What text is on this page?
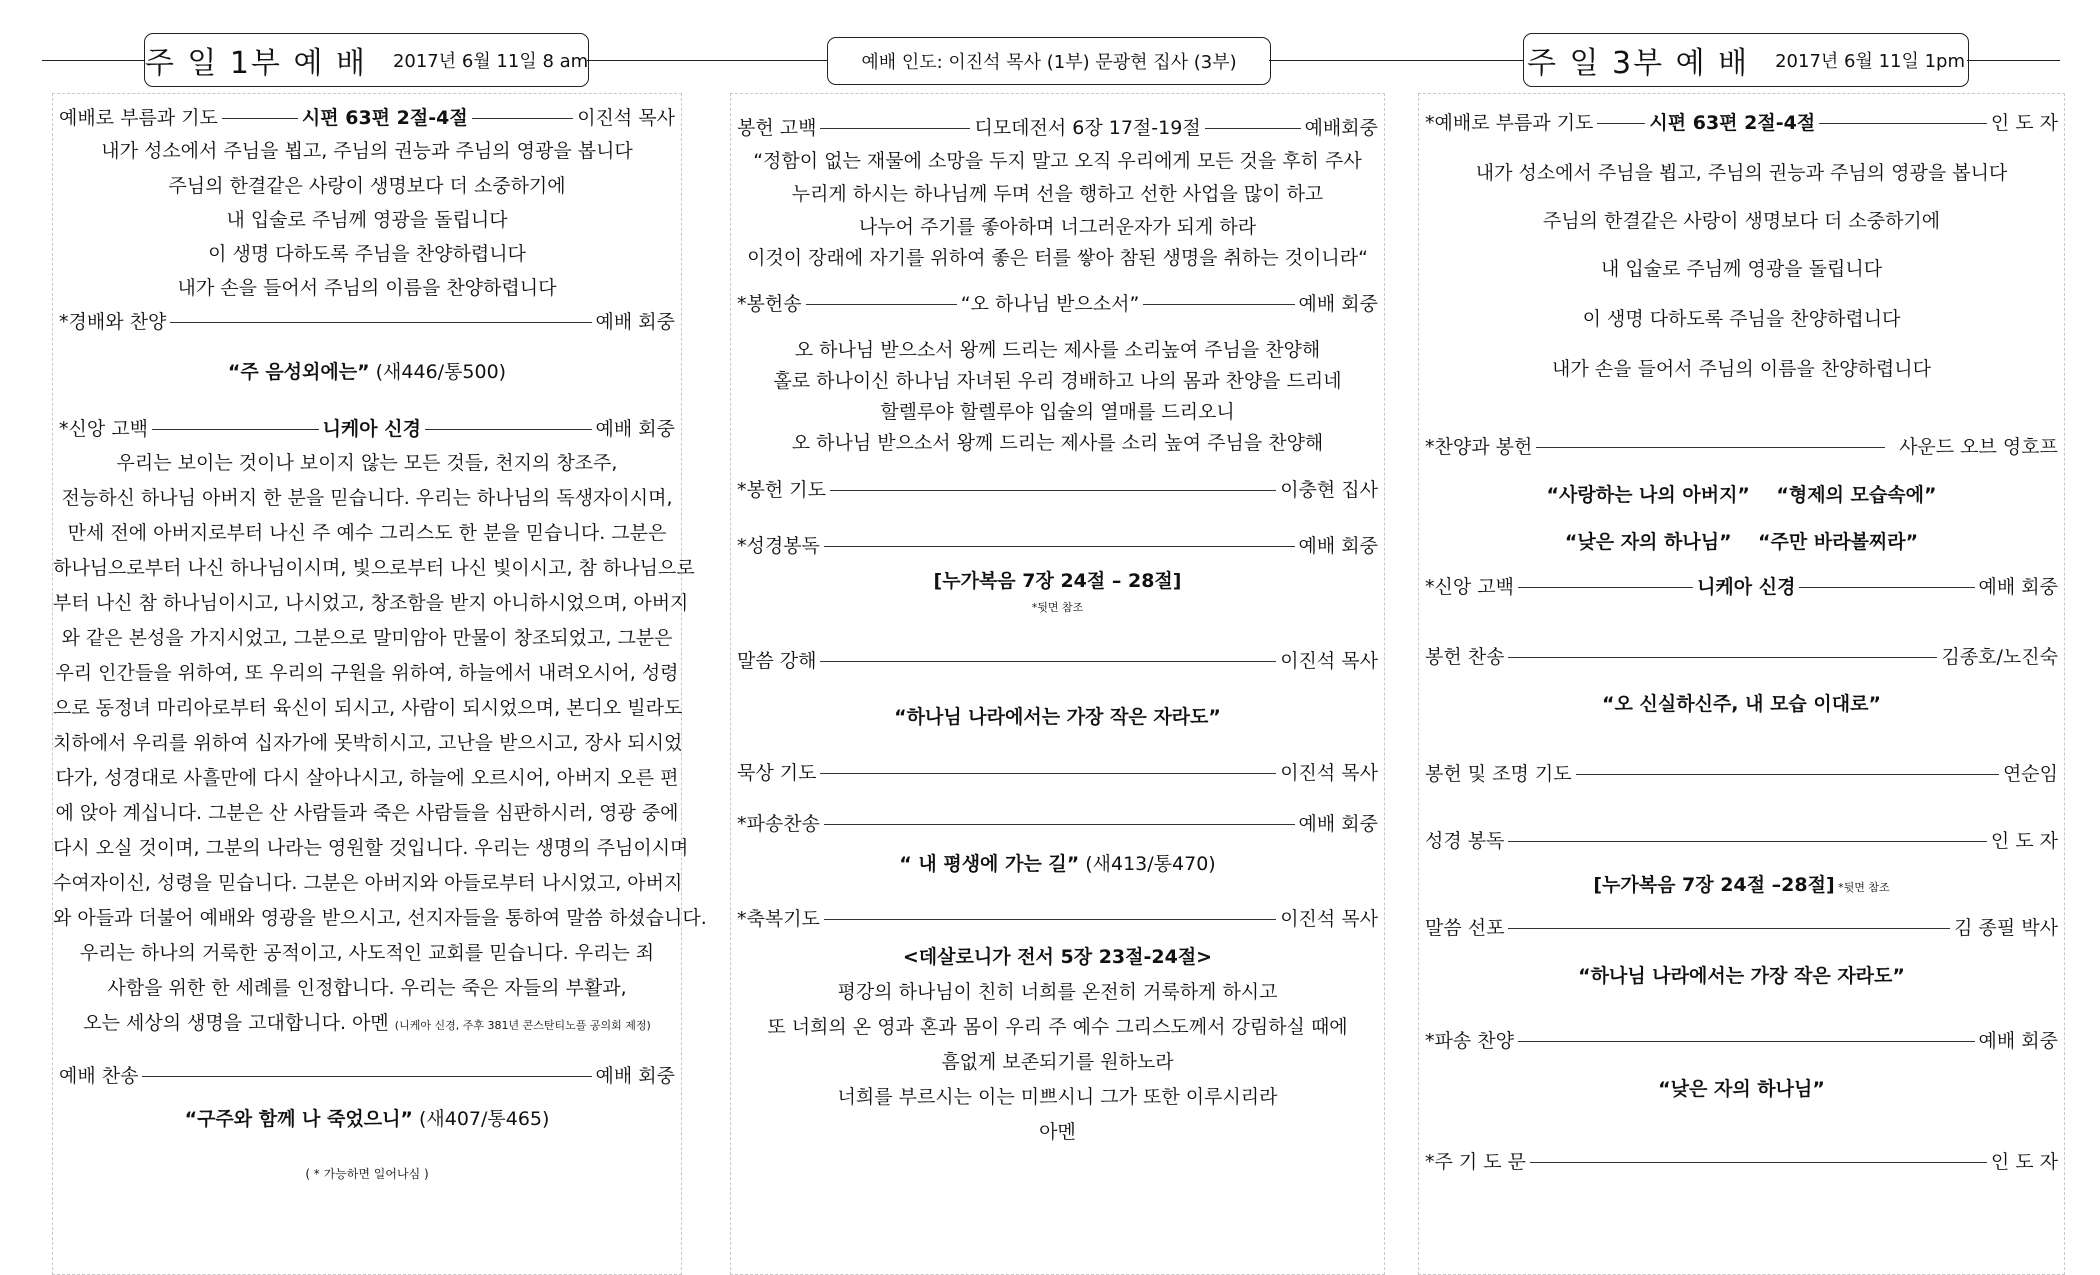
주 일 1부 예 배 2017년 6월 11일 8 am	예배 인도: 이진석 목사 (1부) 문광현 집사 (3부)	주 일 3부 예 배 2017년 6월 11일 1pm
예배로 부름과 기도	시편 63편 2절-4절	이진석 목사
내가 성소에서 주님을 뵙고, 주님의 권능과 주님의 영광을 봅니다
주님의 한결같은 사랑이 생명보다 더 소중하기에
내 입술로 주님께 영광을 돌립니다
이 생명 다하도록 주님을 찬양하렵니다
내가 손을 들어서 주님의 이름을 찬양하렵니다
*경배와 찬양	예배 회중
“주 음성외에는” (새446/통500)
*신앙 고백	니케아 신경	예배 회중
우리는 보이는 것이나 보이지 않는 모든 것들, 천지의 창조주,
전능하신 하나님 아버지 한 분을 믿습니다. 우리는 하나님의 독생자이시며,
만세 전에 아버지로부터 나신 주 예수 그리스도 한 분을 믿습니다. 그분은
하나님으로부터 나신 하나님이시며, 빛으로부터 나신 빛이시고, 참 하나님으로
부터 나신 참 하나님이시고, 나시었고, 창조함을 받지 아니하시었으며, 아버지
와 같은 본성을 가지시었고, 그분으로 말미암아 만물이 창조되었고, 그분은
우리 인간들을 위하여, 또 우리의 구원을 위하여, 하늘에서 내려오시어, 성령
으로 동정녀 마리아로부터 육신이 되시고, 사람이 되시었으며, 본디오 빌라도
치하에서 우리를 위하여 십자가에 못박히시고, 고난을 받으시고, 장사 되시었
다가, 성경대로 사흘만에 다시 살아나시고, 하늘에 오르시어, 아버지 오른 편
에 앉아 계십니다. 그분은 산 사람들과 죽은 사람들을 심판하시러, 영광 중에
다시 오실 것이며, 그분의 나라는 영원할 것입니다. 우리는 생명의 주님이시며
수여자이신, 성령을 믿습니다. 그분은 아버지와 아들로부터 나시었고, 아버지
와 아들과 더불어 예배와 영광을 받으시고, 선지자들을 통하여 말씀 하셨습니다.
우리는 하나의 거룩한 공적이고, 사도적인 교회를 믿습니다. 우리는 죄
사함을 위한 한 세례를 인정합니다. 우리는 죽은 자들의 부활과,
오는 세상의 생명을 고대합니다. 아멘 (니케아 신경, 주후 381년 콘스탄티노플 공의회 제정)
예배 찬송	예배 회중
“구주와 함께 나 죽었으니” (새407/통465)
( * 가능하면 일어나심 )
봉헌 고백	디모데전서 6장 17절-19절	예배회중
“정함이 없는 재물에 소망을 두지 말고 오직 우리에게 모든 것을 후히 주사
누리게 하시는 하나님께 두며 선을 행하고 선한 사업을 많이 하고
나누어 주기를 좋아하며 너그러운자가 되게 하라
이것이 장래에 자기를 위하여 좋은 터를 쌓아 참된 생명을 취하는 것이니라“
*봉헌송	“오 하나님 받으소서”	예배 회중
오 하나님 받으소서 왕께 드리는 제사를 소리높여 주님을 찬양해
홀로 하나이신 하나님 자녀된 우리 경배하고 나의 몸과 찬양을 드리네
할렐루야 할렐루야 입술의 열매를 드리오니
오 하나님 받으소서 왕께 드리는 제사를 소리 높여 주님을 찬양해
*봉헌 기도	이충현 집사
*성경봉독	예배 회중
[누가복음 7장 24절 – 28절]
*뒷면 참조
말씀 강해	이진석 목사
“하나님 나라에서는 가장 작은 자라도”
묵상 기도	이진석 목사
*파송찬송	예배 회중
“ 내 평생에 가는 길” (새413/통470)
*축복기도	이진석 목사
<데살로니가 전서 5장 23절-24절>
평강의 하나님이 친히 너희를 온전히 거룩하게 하시고
또 너희의 온 영과 혼과 몸이 우리 주 예수 그리스도께서 강림하실 때에
흠없게 보존되기를 원하노라
너희를 부르시는 이는 미쁘시니 그가 또한 이루시리라
아멘
*예배로 부름과 기도	시편 63편 2절-4절	인 도 자
내가 성소에서 주님을 뵙고, 주님의 권능과 주님의 영광을 봅니다
주님의 한결같은 사랑이 생명보다 더 소중하기에
내 입술로 주님께 영광을 돌립니다
이 생명 다하도록 주님을 찬양하렵니다
내가 손을 들어서 주님의 이름을 찬양하렵니다
*찬양과 봉헌	사운드 오브 영호프
“사랑하는 나의 아버지”    “형제의 모습속에”
“낮은 자의 하나님”    “주만 바라볼찌라”
*신앙 고백	니케아 신경	예배 회중
봉헌 찬송	김종호/노진숙
“오 신실하신주, 내 모습 이대로”
봉헌 및 조명 기도	연순임
성경 봉독	인 도 자
[누가복음 7장 24절 –28절] *뒷면 참조
말씀 선포	김 종필 박사
“하나님 나라에서는 가장 작은 자라도”
*파송 찬양	예배 회중
“낮은 자의 하나님”
*주 기 도 문	인 도 자
